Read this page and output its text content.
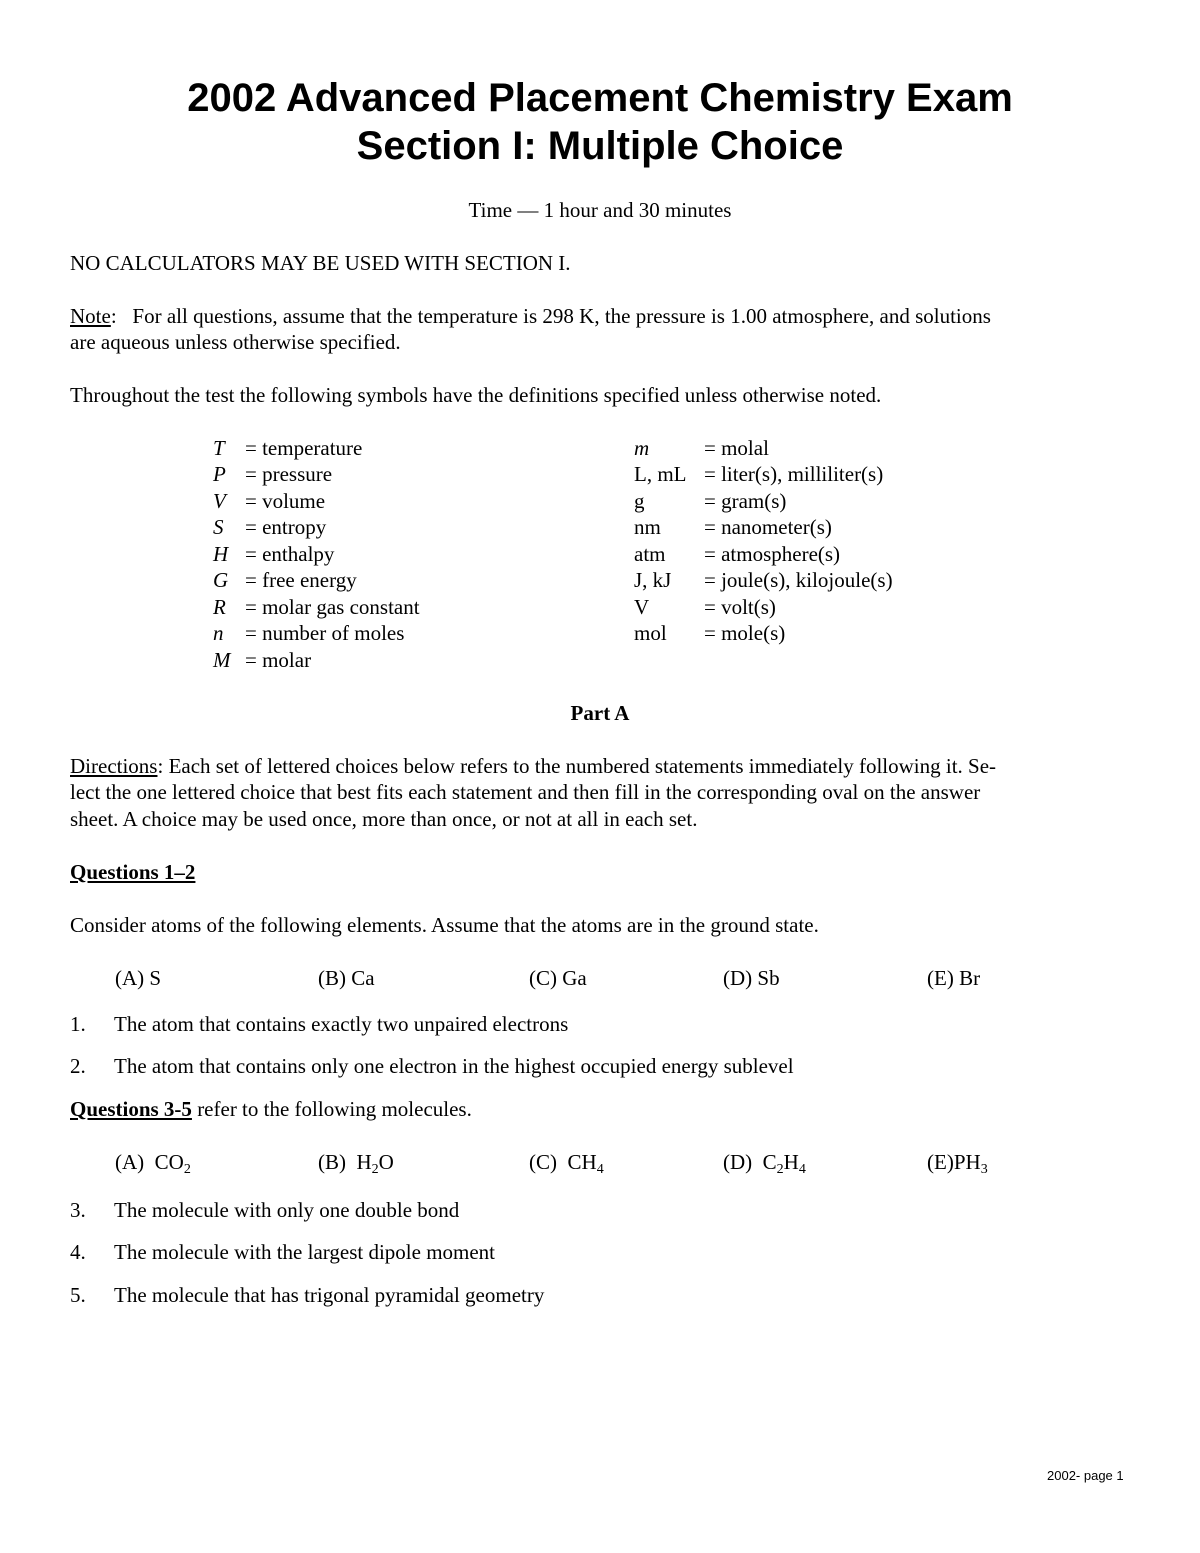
2002 Advanced Placement Chemistry Exam
Section I: Multiple Choice
Time — 1 hour and 30 minutes
NO CALCULATORS MAY BE USED WITH SECTION I.
Note:   For all questions, assume that the temperature is 298 K, the pressure is 1.00 atmosphere, and solutions
are aqueous unless otherwise specified.
Throughout the test the following symbols have the definitions specified unless otherwise noted.
T = temperature
P = pressure
V = volume
S = entropy
H = enthalpy
G = free energy
R = molar gas constant
n = number of moles
M = molar
m	= molal
L, mL = liter(s), milliliter(s)
g	= gram(s)
nm = nanometer(s)
atm = atmosphere(s)
J, kJ = joule(s), kilojoule(s)
V	= volt(s)
mol = mole(s)
Part A
Directions: Each set of lettered choices below refers to the numbered statements immediately following it. Se-
lect the one lettered choice that best fits each statement and then fill in the corresponding oval on the answer
sheet. A choice may be used once, more than once, or not at all in each set.
Questions 1–2
Consider atoms of the following elements. Assume that the atoms are in the ground state.
(A) S	(B) Ca	(C) Ga	(D) Sb	(E) Br
1. The atom that contains exactly two unpaired electrons
2. The atom that contains only one electron in the highest occupied energy sublevel
Questions 3-5 refer to the following molecules.
(A) $CO_2$	(B) $H_2O$	(C) $CH_4$	(D) $C_2H_4$	$(E)PH_3$
3. The molecule with only one double bond
4. The molecule with the largest dipole moment
5. The molecule that has trigonal pyramidal geometry
2002- page 1
